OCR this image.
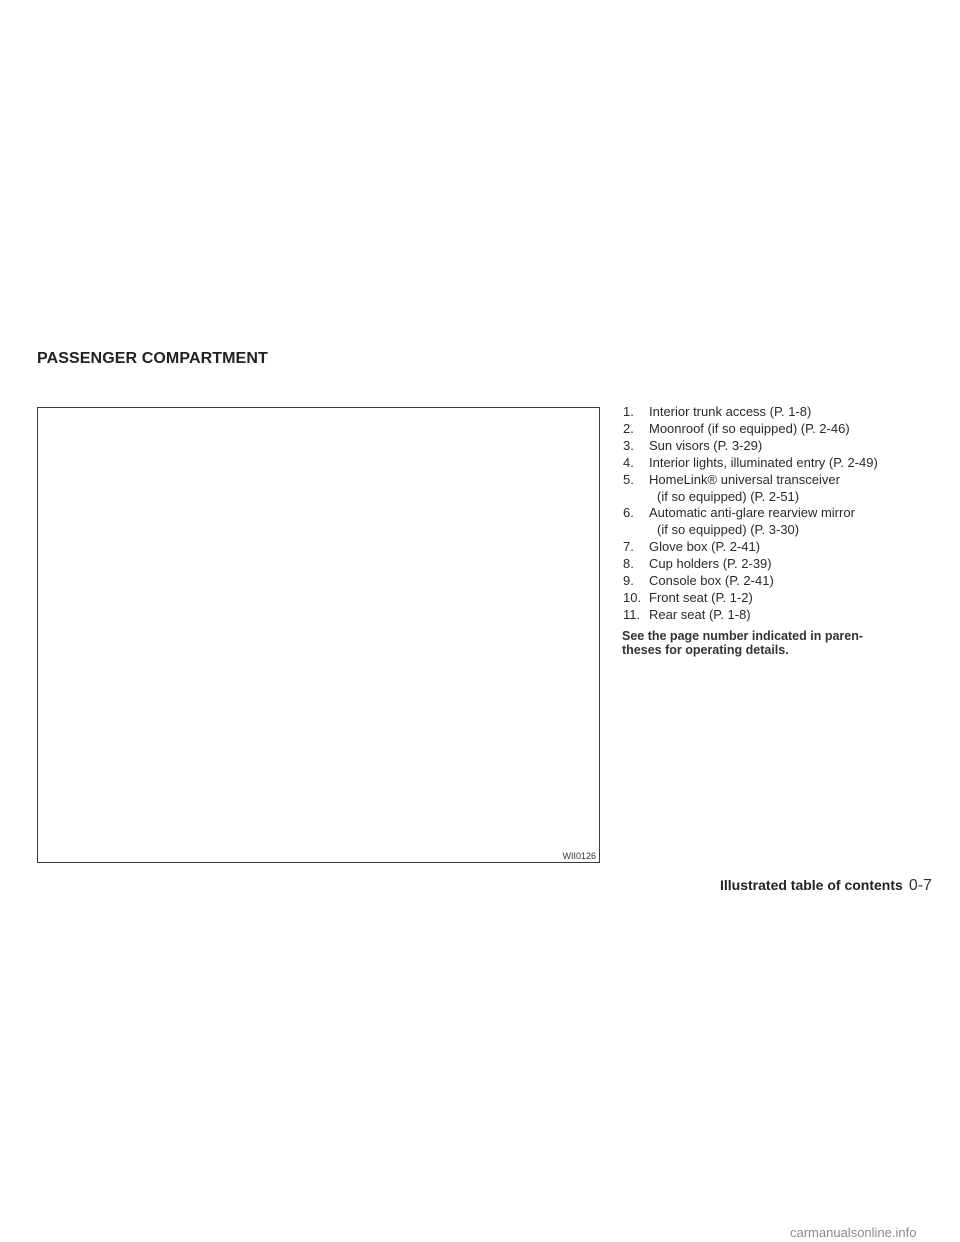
PASSENGER COMPARTMENT
WII0126
1. Interior trunk access (P. 1-8)
2. Moonroof (if so equipped) (P. 2-46)
3. Sun visors (P. 3-29)
4. Interior lights, illuminated entry (P. 2-49)
5. HomeLink® universal transceiver
(if so equipped) (P. 2-51)
6. Automatic anti-glare rearview mirror
(if so equipped) (P. 3-30)
7. Glove box (P. 2-41)
8. Cup holders (P. 2-39)
9. Console box (P. 2-41)
10. Front seat (P. 1-2)
11. Rear seat (P. 1-8)

See the page number indicated in paren-
theses for operating details.

Illustrated table of contents 0-7
carmanualsonline.info
